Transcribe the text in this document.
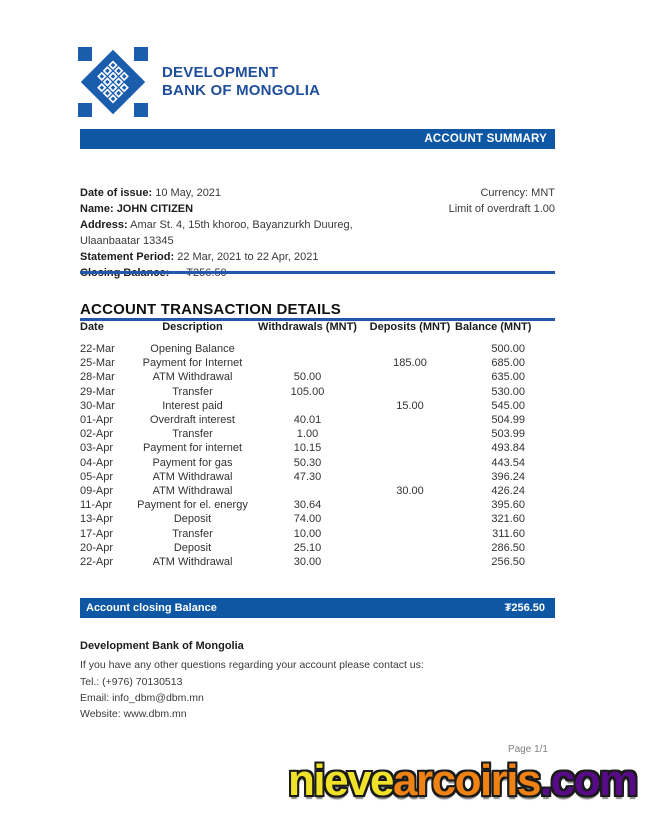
DEVELOPMENT
BANK OF MONGOLIA
ACCOUNT SUMMARY
Date of issue: 10 May, 2021	Currency: MNT
Name: JOHN CITIZEN	Limit of overdraft 1.00
Address: Amar St. 4, 15th khoroo, Bayanzurkh Duureg,
Ulaanbaatar 13345
Statement Period: 22 Mar, 2021 to 22 Apr, 2021
ACCOUNT TRANSACTION DETAILS
Date	Description	Withdrawals (MNT)	Deposits (MNT)	Balance (MNT)
22-Mar	Opening Balance			500.00
25-Mar	Payment for Internet		185.00	685.00
28-Mar	ATM Withdrawal	50.00		635.00
29-Mar	Transfer	105.00		530.00
30-Mar	Interest paid		15.00	545.00
01-Apr	Overdraft interest	40.01		504.99
02-Apr	Transfer	1.00		503.99
03-Apr	Payment for internet	10.15		493.84
04-Apr	Payment for gas	50.30		443.54
05-Apr	ATM Withdrawal	47.30		396.24
09-Apr	ATM Withdrawal		30.00	426.24
11-Apr	Payment for el. energy	30.64		395.60
13-Apr	Deposit	74.00		321.60
17-Apr	Transfer	10.00		311.60
20-Apr	Deposit	25.10		286.50
22-Apr	ATM Withdrawal	30.00		256.50
Account closing Balance	₮256.50
Development Bank of Mongolia
If you have any other questions regarding your account please contact us:
Tel.: (+976) 70130513
Email: info_dbm@dbm.mn
Website: www.dbm.mn
Page 1/1
nievearcoiris.com
